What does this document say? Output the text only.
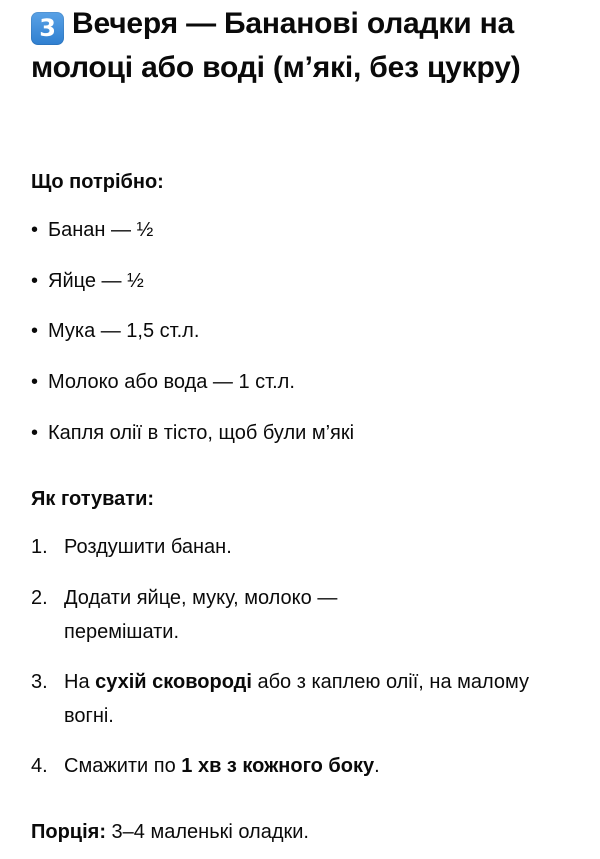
3 Вечеря — Бананові оладки на молоці або воді (м’які, без цукру)
Що потрібно:
• Банан — ½
• Яйце — ½
• Мука — 1,5 ст.л.
• Молоко або вода — 1 ст.л.
• Капля олії в тісто, щоб були м’які
Як готувати:
1. Роздушити банан.
2. Додати яйце, муку, молоко — перемішати.
3. На сухій сковороді або з каплею олії, на малому вогні.
4. Смажити по 1 хв з кожного боку.
Порція: 3–4 маленькі оладки.
